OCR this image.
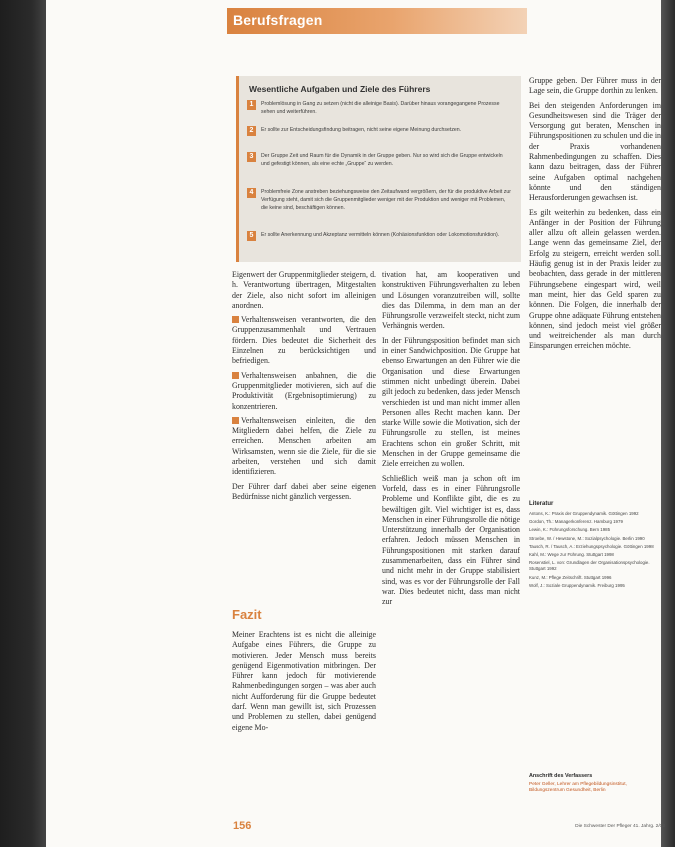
Berufsfragen
Wesentliche Aufgaben und Ziele des Führers
1	Problemlösung in Gang zu setzen (nicht die alleinige Basis). Darüber hinaus vorangegangene Prozesse sehen und weiterführen.
2	Er sollte zur Entscheidungsfindung beitragen, nicht seine eigene Meinung durchsetzen.
3	Der Gruppe Zeit und Raum für die Dynamik in der Gruppe geben. Nur so wird sich die Gruppe entwickeln und gefestigt können, als eine echte „Gruppe“ zu werden.
4	Problemfreie Zone anstreben beziehungsweise den Zeitaufwand vergrößern, der für die produktive Arbeit zur Verfügung steht, damit sich die Gruppenmitglieder weniger mit der Produktion und weniger mit Problemen, die keine sind, beschäftigen können.
5	Er sollte Anerkennung und Akzeptanz vermitteln können (Kohäsionsfunktion oder Lokomotionsfunktion).

Gruppe geben. Der Führer muss in der Lage sein, die Gruppe dorthin zu lenken.

Bei den steigenden Anforderungen im Gesundheitswesen sind die Träger der Versorgung gut beraten, Menschen in Führungspositionen zu schulen und die in der Praxis vorhandenen Rahmenbedingungen zu schaffen. Dies kann dazu beitragen, dass der Führer seine Aufgaben optimal nachgehen könnte und den ständigen Herausforderungen gewachsen ist.

Es gilt weiterhin zu bedenken, dass ein Anfänger in der Position der Führung aller allzu oft allein gelassen werden. Lange wenn das gemeinsame Ziel, der Erfolg zu steigern, erreicht werden soll. Häufig genug ist in der Praxis leider zu beobachten, dass gerade in der mittleren Führungsebene eingespart wird, weil man meint, hier das Geld sparen zu können. Die Folgen, die innerhalb der Gruppe ohne adäquate Führung entstehen können, sind jedoch meist viel größer und weitreichender als man durch Einsparungen erreichen möchte.

Eigenwert der Gruppenmitglieder steigern, d. h. Verantwortung übertragen, Mitgestalten der Ziele, also nicht sofort im alleinigen anordnen.

Verhaltensweisen verantworten, die den Gruppenzusammenhalt und Vertrauen fördern. Dies bedeutet die Sicherheit des Einzelnen zu berücksichtigen und befriedigen.

Verhaltensweisen anbahnen, die die Gruppenmitglieder motivieren, sich auf die Produktivität (Ergebnisoptimierung) zu konzentrieren.

Verhaltensweisen einleiten, die den Mitgliedern dabei helfen, die Ziele zu erreichen. Menschen arbeiten am Wirksamsten, wenn sie die Ziele, für die sie arbeiten, verstehen und sich damit identifizieren.

Der Führer darf dabei aber seine eigenen Bedürfnisse nicht gänzlich vergessen.

Fazit

Meiner Erachtens ist es nicht die alleinige Aufgabe eines Führers, die Gruppe zu motivieren. Jeder Mensch muss bereits genügend Eigenmotivation mitbringen. Der Führer kann jedoch für motivierende Rahmenbedingungen sorgen – was aber auch nicht Aufforderung für die Gruppe bedeutet darf. Wenn man gewillt ist, sich Prozessen und Problemen zu stellen, dabei genügend eigene Mo-

tivation hat, am kooperativen und konstruktiven Führungsverhalten zu leben und Lösungen voranzutreiben will, sollte dies das Dilemma, in dem man an der Führungsrolle verzweifelt steckt, nicht zum Verhängnis werden.

In der Führungsposition befindet man sich in einer Sandwichposition. Die Gruppe hat ebenso Erwartungen an den Führer wie die Organisation und diese Erwartungen stimmen nicht unbedingt überein. Dabei gilt jedoch zu bedenken, dass jeder Mensch verschieden ist und man nicht immer allen Personen alles Recht machen kann. Der starke Wille sowie die Motivation, sich der Führungsrolle zu stellen, ist meines Erachtens schon ein großer Schritt, mit Menschen in der Gruppe gemeinsame die Ziele erreichen zu wollen.

Schließlich weiß man ja schon oft im Vorfeld, dass es in einer Führungsrolle Probleme und Konflikte gibt, die es zu bewältigen gilt. Viel wichtiger ist es, dass Menschen in einer Führungsrolle die nötige Unterstützung innerhalb der Organisation erfahren. Jedoch müssen Menschen in Führungspositionen mit starken darauf zusammenarbeiten, dass ein Führer sind und nicht mehr in der Gruppe stabilisiert sind, was es vor der Führungsrolle der Fall war. Dies bedeutet nicht, dass man nicht zur

Literatur

Antons, K.: Praxis der Gruppendynamik. Göttingen 1992

Gordon, Th.: Managerkonferenz. Hamburg 1979

Lewin, K.: Führungsforschung. Bern 1985

Stroebe, W. / Hewstone, M.: Sozialpsychologie. Berlin 1990

Tausch, R. / Tausch, A.: Erziehungspsychologie. Göttingen 1998

Kahl, M.: Wege zur Führung. Stuttgart 1998

Rosenstiel, L. von: Grundlagen der Organisationspsychologie. Stuttgart 1992

Kunz, M.: Pflege Zeitschrift. Stuttgart 1996

Wolf, J.: Soziale Gruppendynamik. Freiburg 1995

Anschrift des Verfassers
Peter Geller, Lehrer am Pflegebildungsinstitut, Bildungszentrum Gesundheit, Berlin
156	Die Schwester Der Pfleger 41. Jahrg. 2/02
